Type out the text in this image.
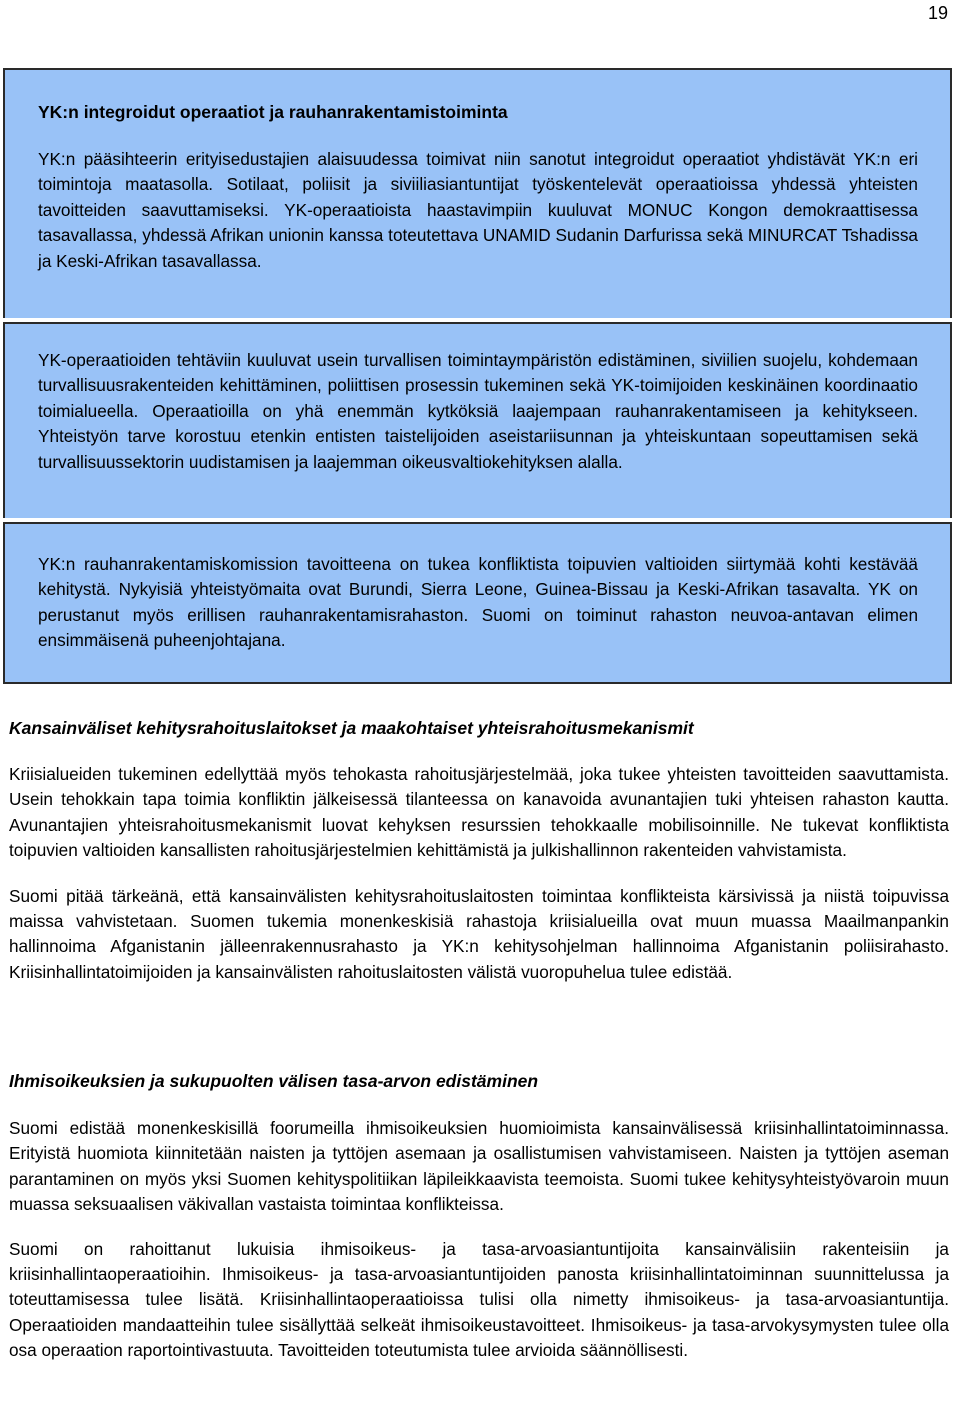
19
YK:n integroidut operaatiot ja rauhanrakentamistoiminta

YK:n pääsihteerin erityisedustajien alaisuudessa toimivat niin sanotut integroidut operaatiot yhdistävät YK:n eri toimintoja maatasolla. Sotilaat, poliisit ja siviiliasiantuntijat työskentelevät operaatioissa yhdessä yhteisten tavoitteiden saavuttamiseksi. YK-operaatioista haastavimpiin kuuluvat MONUC Kongon demokraattisessa tasavallassa, yhdessä Afrikan unionin kanssa toteutettava UNAMID Sudanin Darfurissa sekä MINURCAT Tshadissa ja Keski-Afrikan tasavallassa.

YK-operaatioiden tehtäviin kuuluvat usein turvallisen toimintaympäristön edistäminen, siviilien suojelu, kohdemaan turvallisuusrakenteiden kehittäminen, poliittisen prosessin tukeminen sekä YK-toimijoiden keskinäinen koordinaatio toimialueella. Operaatioilla on yhä enemmän kytköksiä laajempaan rauhanrakentamiseen ja kehitykseen. Yhteistyön tarve korostuu etenkin entisten taistelijoiden aseistariisunnan ja yhteiskuntaan sopeuttamisen sekä turvallisuussektorin uudistamisen ja laajemman oikeusvaltiokehityksen alalla.

YK:n rauhanrakentamiskomission tavoitteena on tukea konfliktista toipuvien valtioiden siirtymää kohti kestävää kehitystä. Nykyisiä yhteistyömaita ovat Burundi, Sierra Leone, Guinea-Bissau ja Keski-Afrikan tasavalta. YK on perustanut myös erillisen rauhanrakentamisrahaston. Suomi on toiminut rahaston neuvoa-antavan elimen ensimmäisenä puheenjohtajana.

Kansainväliset kehitysrahoituslaitokset ja maakohtaiset yhteisrahoitusmekanismit

Kriisialueiden tukeminen edellyttää myös tehokasta rahoitusjärjestelmää, joka tukee yhteisten tavoitteiden saavuttamista. Usein tehokkain tapa toimia konfliktin jälkeisessä tilanteessa on kanavoida avunantajien tuki yhteisen rahaston kautta. Avunantajien yhteisrahoitusmekanismit luovat kehyksen resurssien tehokkaalle mobilisoinnille. Ne tukevat konfliktista toipuvien valtioiden kansallisten rahoitusjärjestelmien kehittämistä ja julkishallinnon rakenteiden vahvistamista.

Suomi pitää tärkeänä, että kansainvälisten kehitysrahoituslaitosten toimintaa konflikteista kärsivissä ja niistä toipuvissa maissa vahvistetaan. Suomen tukemia monenkeskisiä rahastoja kriisialueilla ovat muun muassa Maailmanpankin hallinnoima Afganistanin jälleenrakennusrahasto ja YK:n kehitysohjelman hallinnoima Afganistanin poliisirahasto. Kriisinhallintatoimijoiden ja kansainvälisten rahoituslaitosten välistä vuoropuhelua tulee edistää.

Ihmisoikeuksien ja sukupuolten välisen tasa-arvon edistäminen

Suomi edistää monenkeskisillä foorumeilla ihmisoikeuksien huomioimista kansainvälisessä kriisinhallintatoiminnassa. Erityistä huomiota kiinnitetään naisten ja tyttöjen asemaan ja osallistumisen vahvistamiseen. Naisten ja tyttöjen aseman parantaminen on myös yksi Suomen kehityspolitiikan läpileikkaavista teemoista. Suomi tukee kehitysyhteistyövaroin muun muassa seksuaalisen väkivallan vastaista toimintaa konflikteissa.

Suomi on rahoittanut lukuisia ihmisoikeus- ja tasa-arvoasiantuntijoita kansainvälisiin rakenteisiin ja kriisinhallintaoperaatioihin. Ihmisoikeus- ja tasa-arvoasiantuntijoiden panosta kriisinhallintatoiminnan suunnittelussa ja toteuttamisessa tulee lisätä. Kriisinhallintaoperaatioissa tulisi olla nimetty ihmisoikeus- ja tasa-arvoasiantuntija. Operaatioiden mandaatteihin tulee sisällyttää selkeät ihmisoikeustavoitteet. Ihmisoikeus- ja tasa-arvokysymysten tulee olla osa operaation raportointivastuuta. Tavoitteiden toteutumista tulee arvioida säännöllisesti.
